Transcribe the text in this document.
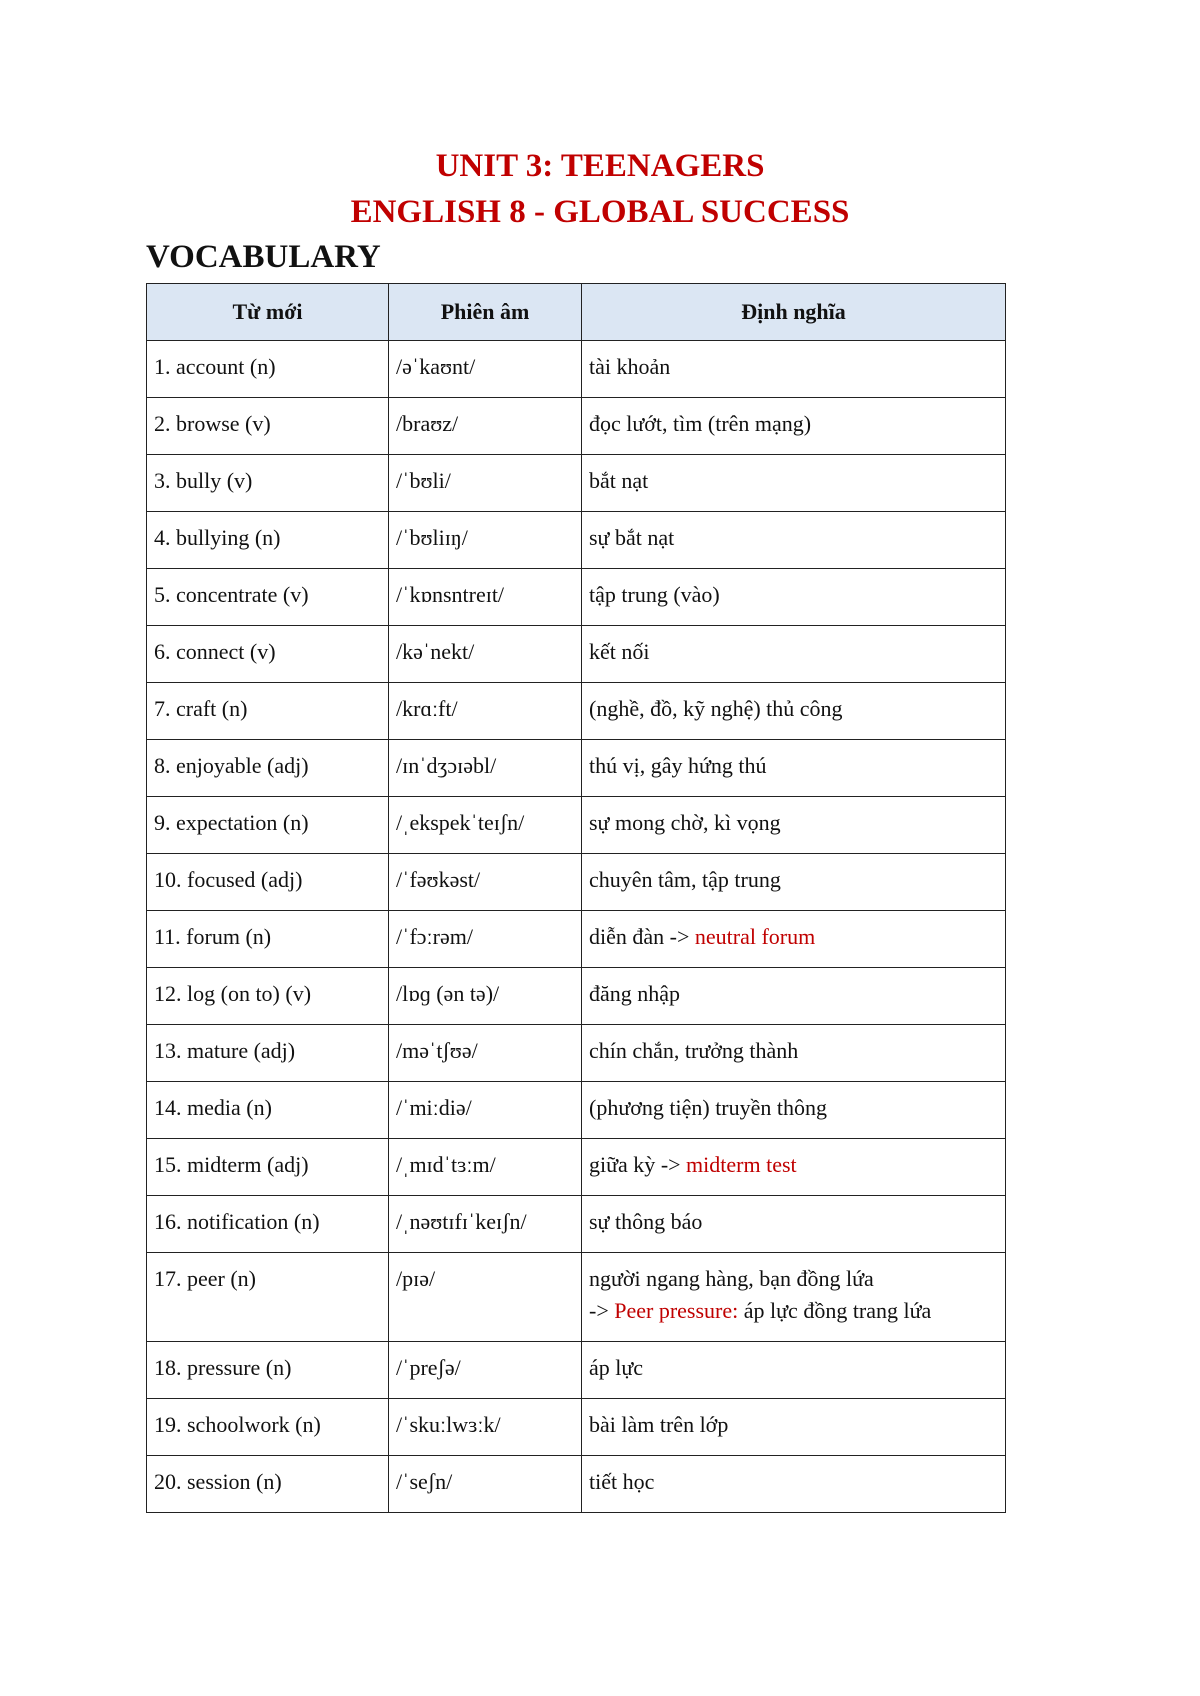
UNIT 3: TEENAGERS
ENGLISH 8 - GLOBAL SUCCESS
VOCABULARY
Từ mới	Phiên âm	Định nghĩa
1. account (n)	/əˈkaʊnt/	tài khoản

2. browse (v)	/braʊz/	đọc lướt, tìm (trên mạng)

3. bully (v)	/ˈbʊli/	bắt nạt

4. bullying (n)	/ˈbʊliɪŋ/	sự bắt nạt

5. concentrate (v)	/ˈkɒnsntreɪt/	tập trung (vào)

6. connect (v)	/kəˈnekt/	kết nối

7. craft (n)	/krɑːft/	(nghề, đồ, kỹ nghệ) thủ công

8. enjoyable (adj)	/ɪnˈdʒɔɪəbl/	thú vị, gây hứng thú

9. expectation (n)	/ˌekspekˈteɪʃn/	sự mong chờ, kì vọng

10. focused (adj)	/ˈfəʊkəst/	chuyên tâm, tập trung

11. forum (n)	/ˈfɔːrəm/	diễn đàn -> neutral forum

12. log (on to) (v)	/lɒɡ (ən tə)/	đăng nhập

13. mature (adj)	/məˈtʃʊə/	chín chắn, trưởng thành

14. media (n)	/ˈmiːdiə/	(phương tiện) truyền thông

15. midterm (adj)	/ˌmɪdˈtɜːm/	giữa kỳ -> midterm test

16. notification (n)	/ˌnəʊtɪfɪˈkeɪʃn/	sự thông báo

17. peer (n)	/pɪə/	người ngang hàng, bạn đồng lứa
-> Peer pressure: áp lực đồng trang lứa

18. pressure (n)	/ˈpreʃə/	áp lực

19. schoolwork (n)	/ˈskuːlwɜːk/	bài làm trên lớp

20. session (n)	/ˈseʃn/	tiết học
